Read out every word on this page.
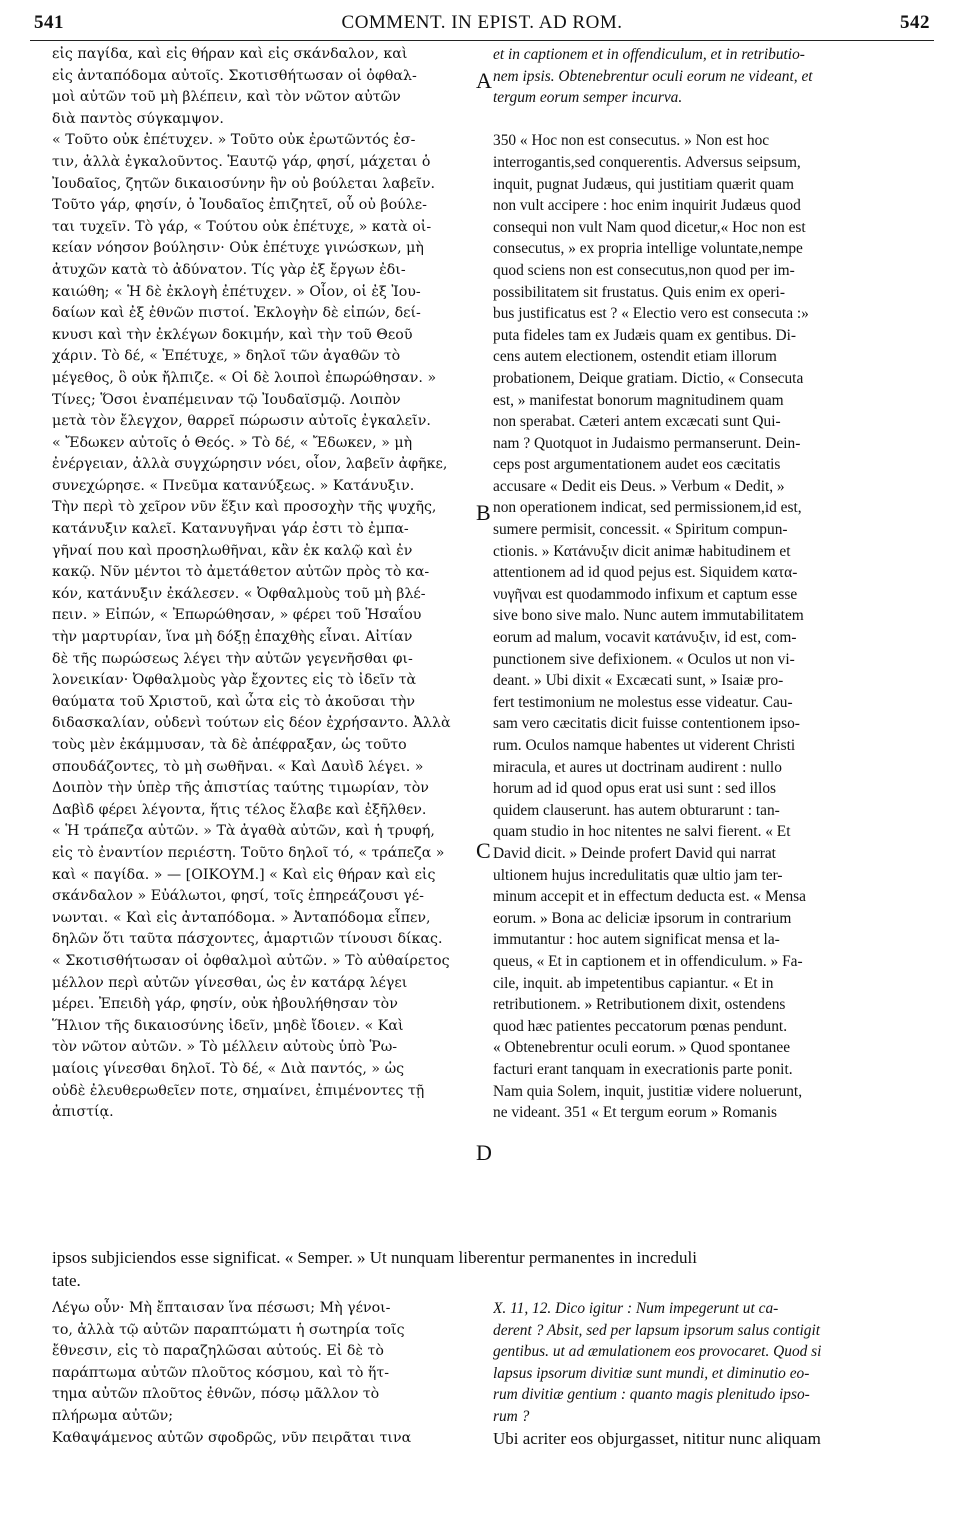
541	COMMENT. IN EPIST. AD ROM.	542
εἰς παγίδα, καὶ εἰς θήραν καὶ εἰς σκάνδαλον, καὶ
εἰς ἀνταπόδομα αὐτοῖς. Σκοτισθήτωσαν οἱ ὀφθαλ-
μοὶ αὐτῶν τοῦ μὴ βλέπειν, καὶ τὸν νῶτον αὐτῶν
διὰ παντὸς σύγκαμψον.
« Τοῦτο οὐκ ἐπέτυχεν. » Τοῦτο οὐκ ἐρωτῶντός ἐσ-
τιν, ἀλλὰ ἐγκαλοῦντος. Ἑαυτῷ γάρ, φησί, μάχεται ὁ
Ἰουδαῖος, ζητῶν δικαιοσύνην ἣν οὐ βούλεται λαβεῖν.
Τοῦτο γάρ, φησίν, ὁ Ἰουδαῖος ἐπιζητεῖ, οὗ οὐ βούλε-
ται τυχεῖν. Τὸ γάρ, « Τούτου οὐκ ἐπέτυχε, » κατὰ οἰ-
κείαν νόησον βούλησιν· Οὐκ ἐπέτυχε γινώσκων, μὴ
ἀτυχῶν κατὰ τὸ ἀδύνατον. Τίς γὰρ ἐξ ἔργων ἐδι-
καιώθη; « Ἡ δὲ ἐκλογὴ ἐπέτυχεν. » Οἷον, οἱ ἐξ Ἰου-
δαίων καὶ ἐξ ἐθνῶν πιστοί. Ἐκλογὴν δὲ εἰπών, δεί-
κνυσι καὶ τὴν ἐκλέγων δοκιμήν, καὶ τὴν τοῦ Θεοῦ
χάριν. Τὸ δέ, « Ἐπέτυχε, » δηλοῖ τῶν ἀγαθῶν τὸ
μέγεθος, ὃ οὐκ ἤλπιζε. « Οἱ δὲ λοιποὶ ἐπωρώθησαν. »
Τίνες; Ὅσοι ἐναπέμειναν τῷ Ἰουδαϊσμῷ. Λοιπὸν
μετὰ τὸν ἔλεγχον, θαρρεῖ πώρωσιν αὐτοῖς ἐγκαλεῖν.
« Ἔδωκεν αὐτοῖς ὁ Θεός. » Τὸ δέ, « Ἔδωκεν, » μὴ
ἐνέργειαν, ἀλλὰ συγχώρησιν νόει, οἷον, λαβεῖν ἀφῆκε,
συνεχώρησε. « Πνεῦμα κατανύξεως. » Κατάνυξιν.
Τὴν περὶ τὸ χεῖρον νῦν ἕξιν καὶ προσοχὴν τῆς ψυχῆς,
κατάνυξιν καλεῖ. Κατανυγῆναι γάρ ἐστι τὸ ἐμπα-
γῆναί που καὶ προσηλωθῆναι, κἂν ἐκ καλῷ καὶ ἐν
κακῷ. Νῦν μέντοι τὸ ἀμετάθετον αὐτῶν πρὸς τὸ κα-
κόν, κατάνυξιν ἐκάλεσεν. « Ὀφθαλμοὺς τοῦ μὴ βλέ-
πειν. » Εἰπών, « Ἐπωρώθησαν, » φέρει τοῦ Ἡσαΐου
τὴν μαρτυρίαν, ἵνα μὴ δόξῃ ἐπαχθὴς εἶναι. Αἰτίαν
δὲ τῆς πωρώσεως λέγει τὴν αὐτῶν γεγενῆσθαι φι-
λονεικίαν· Ὀφθαλμοὺς γὰρ ἔχοντες εἰς τὸ ἰδεῖν τὰ
θαύματα τοῦ Χριστοῦ, καὶ ὦτα εἰς τὸ ἀκοῦσαι τὴν
διδασκαλίαν, οὐδενὶ τούτων εἰς δέον ἐχρήσαντο. Ἀλλὰ
τοὺς μὲν ἐκάμμυσαν, τὰ δὲ ἀπέφραξαν, ὡς τοῦτο
σπουδάζοντες, τὸ μὴ σωθῆναι. « Καὶ Δαυὶδ λέγει. »
Δοιπὸν τὴν ὑπὲρ τῆς ἀπιστίας ταύτης τιμωρίαν, τὸν
Δαβὶδ φέρει λέγοντα, ἥτις τέλος ἔλαβε καὶ ἐξῆλθεν.
« Ἡ τράπεζα αὐτῶν. » Τὰ ἀγαθὰ αὐτῶν, καὶ ἡ τρυφή,
εἰς τὸ ἐναντίον περιέστη. Τοῦτο δηλοῖ τό, « τράπεζα »
καὶ « παγίδα. » — [ΟΙΚΟΥΜ.] « Καὶ εἰς θήραν καὶ εἰς
σκάνδαλον » Εὐάλωτοι, φησί, τοῖς ἐπηρεάζουσι γέ-
νωνται. « Καὶ εἰς ἀνταπόδομα. » Ἀνταπόδομα εἶπεν,
δηλῶν ὅτι ταῦτα πάσχοντες, ἁμαρτιῶν τίνουσι δίκας.
« Σκοτισθήτωσαν οἱ ὀφθαλμοὶ αὐτῶν. » Τὸ αὐθαίρετος
μέλλον περὶ αὐτῶν γίνεσθαι, ὡς ἐν κατάρᾳ λέγει
μέρει. Ἐπειδὴ γάρ, φησίν, οὐκ ἠβουλήθησαν τὸν
Ἥλιον τῆς δικαιοσύνης ἰδεῖν, μηδὲ ἴδοιεν. « Καὶ
τὸν νῶτον αὐτῶν. » Τὸ μέλλειν αὐτοὺς ὑπὸ Ῥω-
μαίοις γίνεσθαι δηλοῖ. Τὸ δέ, « Διὰ παντός, » ὡς
οὐδὲ ἐλευθερωθεῖεν ποτε, σημαίνει, ἐπιμένοντες τῇ
ἀπιστίᾳ.
et in captionem et in offendiculum, et in retributio-
nem ipsis. Obtenebrentur oculi eorum ne videant, et
tergum eorum semper incurva.
350 « Hoc non est consecutus. » Non est hoc
interrogantis,sed conquerentis. Adversus seipsum,
inquit, pugnat Judæus, qui justitiam quærit quam
non vult accipere : hoc enim inquirit Judæus quod
consequi non vult Nam quod dicetur,« Hoc non est
consecutus, » ex propria intellige voluntate,nempe
quod sciens non est consecutus,non quod per im-
possibilitatem sit frustatus. Quis enim ex operi-
bus justificatus est ? « Electio vero est consecuta :»
puta fideles tam ex Judæis quam ex gentibus. Di-
cens autem electionem, ostendit etiam illorum
probationem, Deique gratiam. Dictio, « Consecuta
est, » manifestat bonorum magnitudinem quam
non sperabat. Cæteri antem excæcati sunt Qui-
nam ? Quotquot in Judaismo permanserunt. Dein-
ceps post argumentationem audet eos cæcitatis
accusare « Dedit eis Deus. » Verbum « Dedit, »
non operationem indicat, sed permissionem,id est,
sumere permisit, concessit. « Spiritum compun-
ctionis. » Κατάνυξιν dicit animæ habitudinem et
attentionem ad id quod pejus est. Siquidem κατα-
νυγῆναι est quodammodo infixum et captum esse
sive bono sive malo. Nunc autem immutabilitatem
eorum ad malum, vocavit κατάνυξιν, id est, com-
punctionem sive defixionem. « Oculos ut non vi-
deant. » Ubi dixit « Excæcati sunt, » Isaiæ pro-
fert testimonium ne molestus esse videatur. Cau-
sam vero cæcitatis dicit fuisse contentionem ipso-
rum. Oculos namque habentes ut viderent Christi
miracula, et aures ut doctrinam audirent : nullo
horum ad id quod opus erat usi sunt : sed illos
quidem clauserunt. has autem obturarunt : tan-
quam studio in hoc nitentes ne salvi fierent. « Et
David dicit. » Deinde profert David qui narrat
ultionem hujus incredulitatis quæ ultio jam ter-
minum accepit et in effectum deducta est. « Mensa
eorum. » Bona ac deliciæ ipsorum in contrarium
immutantur : hoc autem significat mensa et la-
queus, « Et in captionem et in offendiculum. » Fa-
cile, inquit. ab impetentibus capiantur. « Et in
retributionem. » Retributionem dixit, ostendens
quod hæc patientes peccatorum pœnas pendunt.
« Obtenebrentur oculi eorum. » Quod spontanee
facturi erant tanquam in execrationis parte ponit.
Nam quia Solem, inquit, justitiæ videre noluerunt,
ne videant. 351 « Et tergum eorum » Romanis
A
B
C
D
ipsos subjiciendos esse significat. « Semper. » Ut nunquam liberentur permanentes in increduli
tate.
Λέγω οὖν· Μὴ ἔπταισαν ἵνα πέσωσι; Μὴ γένοι-
το, ἀλλὰ τῷ αὐτῶν παραπτώματι ἡ σωτηρία τοῖς
ἔθνεσιν, εἰς τὸ παραζηλῶσαι αὐτούς. Εἰ δὲ τὸ
παράπτωμα αὐτῶν πλοῦτος κόσμου, καὶ τὸ ἥτ-
τημα αὐτῶν πλοῦτος ἐθνῶν, πόσῳ μᾶλλον τὸ
πλήρωμα αὐτῶν;
Καθαψάμενος αὐτῶν σφοδρῶς, νῦν πειρᾶται τινα
X. 11, 12. Dico igitur : Num impegerunt ut ca-
derent ? Absit, sed per lapsum ipsorum salus contigit
gentibus. ut ad æmulationem eos provocaret. Quod si
lapsus ipsorum divitiæ sunt mundi, et diminutio eo-
rum divitiæ gentium : quanto magis plenitudo ipso-
rum ?
Ubi acriter eos objurgasset, nititur nunc aliquam
